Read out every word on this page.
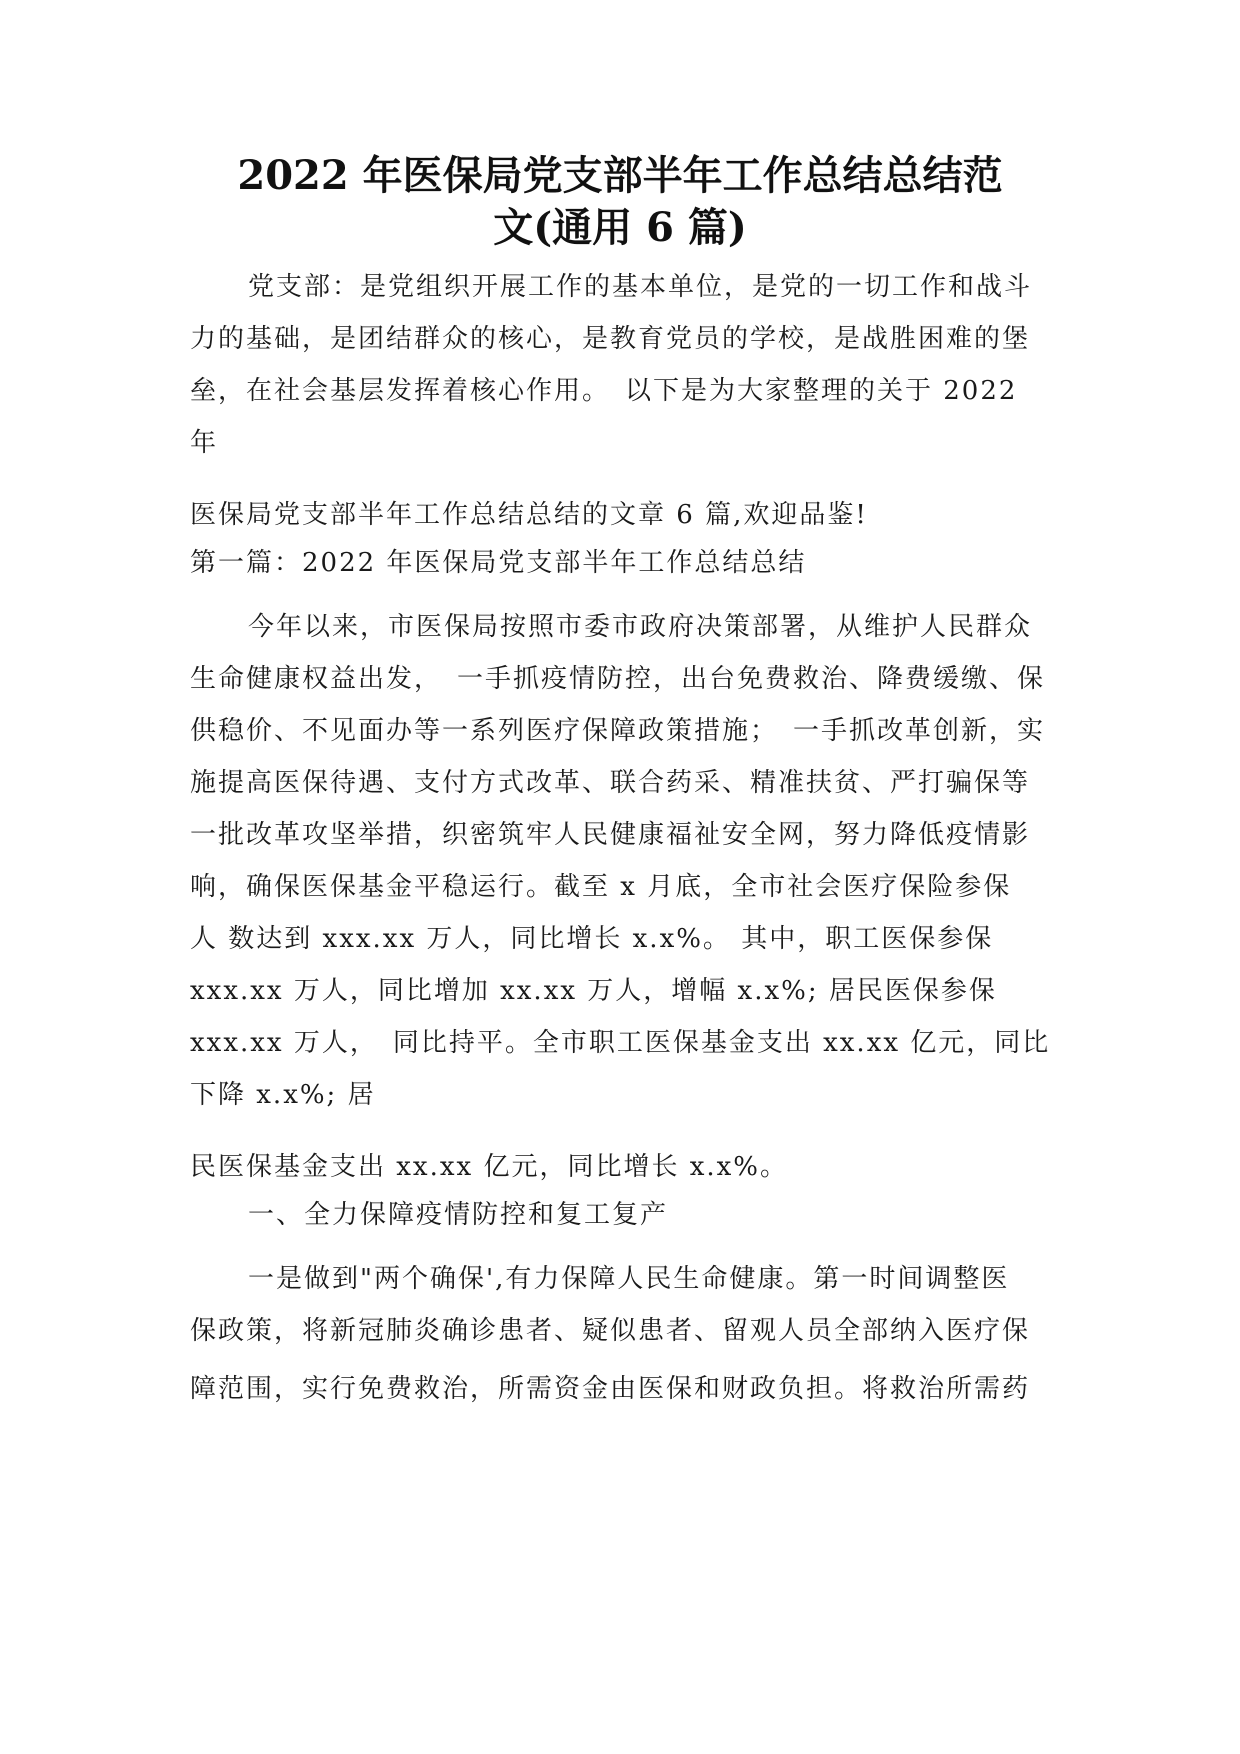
2022 年医保局党支部半年工作总结总结范
文(通用 6 篇)

党支部：是党组织开展工作的基本单位，是党的一切工作和战斗

力的基础，是团结群众的核心，是教育党员的学校，是战胜困难的堡

垒，在社会基层发挥着核心作用。　以下是为大家整理的关于 2022

年

医保局党支部半年工作总结总结的文章 6 篇,欢迎品鉴!

第一篇：2022 年医保局党支部半年工作总结总结

今年以来，市医保局按照市委市政府决策部署，从维护人民群众

生命健康权益出发，　一手抓疫情防控，出台免费救治、降费缓缴、保

供稳价、不见面办等一系列医疗保障政策措施；　一手抓改革创新，实

施提高医保待遇、支付方式改革、联合药采、精准扶贫、严打骗保等

一批改革攻坚举措，织密筑牢人民健康福祉安全网，努力降低疫情影

响，确保医保基金平稳运行。截至 x 月底，全市社会医疗保险参保

人 数达到 xxx.xx 万人，同比增长 x.x%。 其中，职工医保参保

xxx.xx 万人，同比增加 xx.xx 万人，增幅 x.x%; 居民医保参保

xxx.xx 万人，　同比持平。全市职工医保基金支出 xx.xx 亿元，同比

下降 x.x%; 居

民医保基金支出 xx.xx 亿元，同比增长 x.x%。

一、全力保障疫情防控和复工复产

一是做到"两个确保',有力保障人民生命健康。第一时间调整医

保政策，将新冠肺炎确诊患者、疑似患者、留观人员全部纳入医疗保

障范围，实行免费救治，所需资金由医保和财政负担。将救治所需药
